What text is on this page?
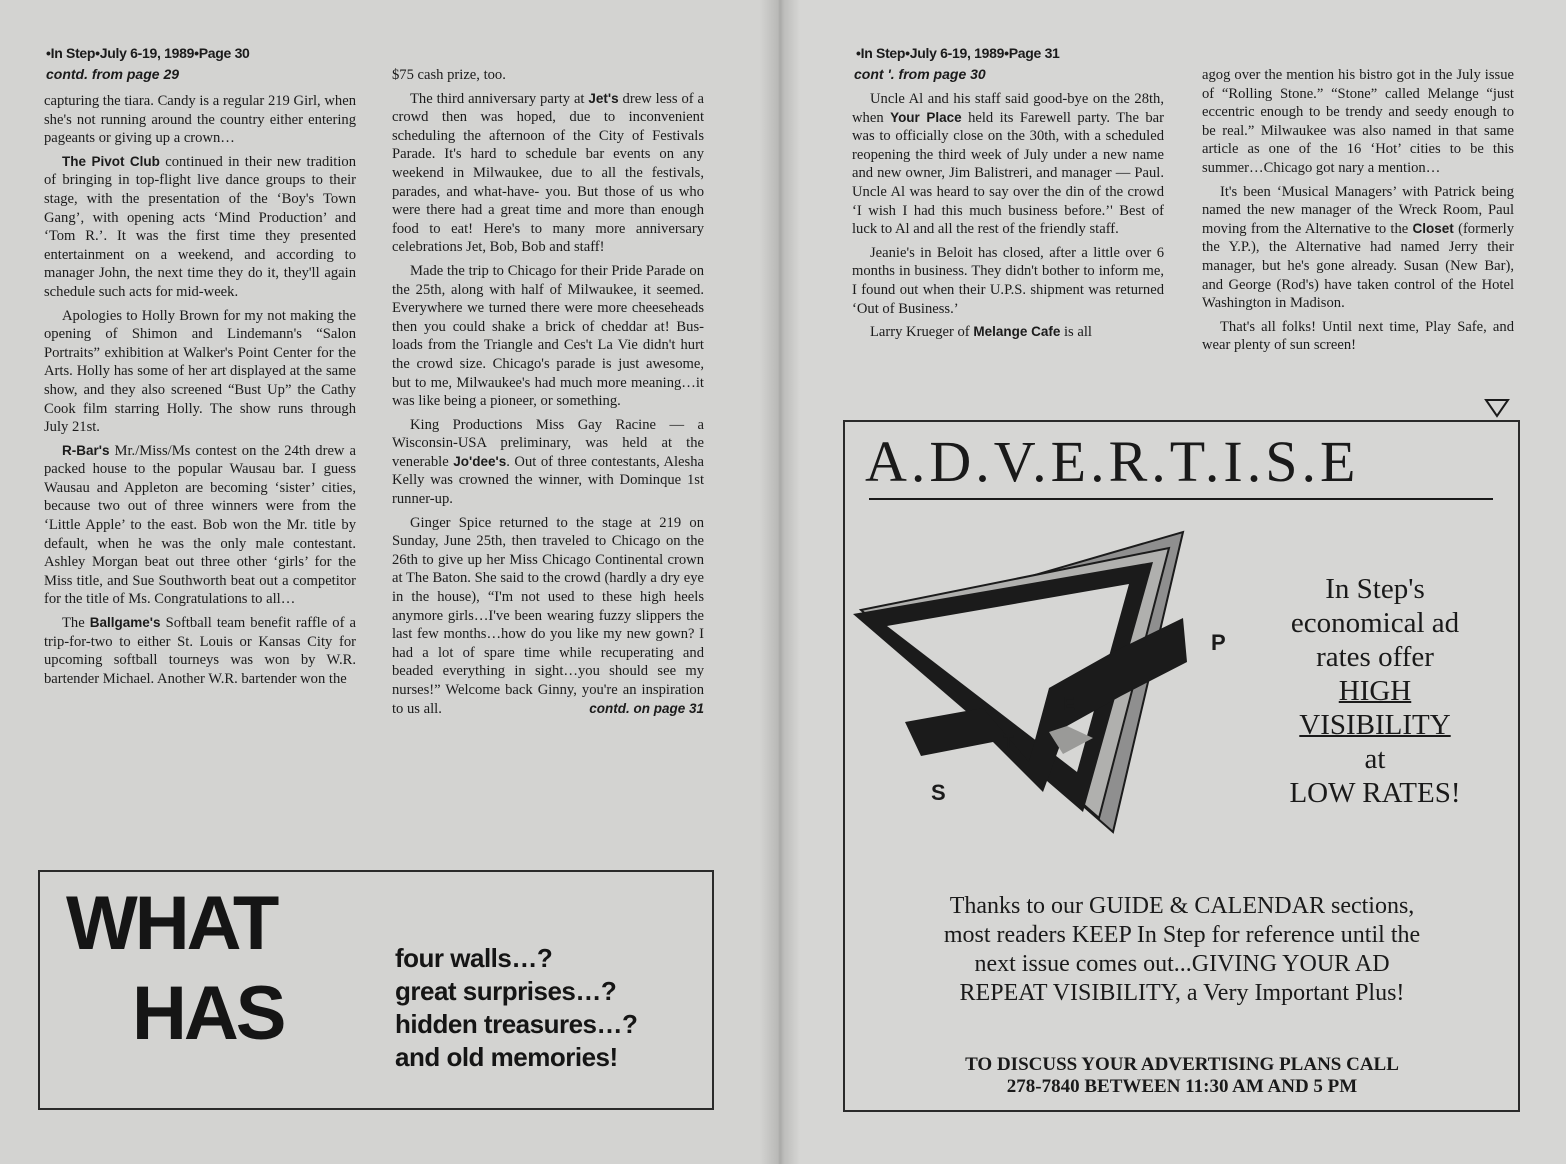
•In Step•July 6-19, 1989•Page 30
contd. from page 29

capturing the tiara. Candy is a regular 219 Girl, when she's not running around the country either entering pageants or giving up a crown…

The Pivot Club continued in their new tradition of bringing in top-flight live dance groups to their stage, with the presentation of the ‘Boy's Town Gang’, with opening acts ‘Mind Production’ and ‘Tom R.’. It was the first time they presented entertainment on a weekend, and according to manager John, the next time they do it, they'll again schedule such acts for mid-week.

Apologies to Holly Brown for my not making the opening of Shimon and Lindemann's “Salon Portraits” exhibition at Walker's Point Center for the Arts. Holly has some of her art displayed at the same show, and they also screened “Bust Up” the Cathy Cook film starring Holly. The show runs through July 21st.

R-Bar's Mr./Miss/Ms contest on the 24th drew a packed house to the popular Wausau bar. I guess Wausau and Appleton are becoming ‘sister’ cities, because two out of three winners were from the ‘Little Apple’ to the east. Bob won the Mr. title by default, when he was the only male contestant. Ashley Morgan beat out three other ‘girls’ for the Miss title, and Sue Southworth beat out a competitor for the title of Ms. Congratulations to all…

The Ballgame's Softball team benefit raffle of a trip-for-two to either St. Louis or Kansas City for upcoming softball tourneys was won by W.R. bartender Michael. Another W.R. bartender won the

$75 cash prize, too.

The third anniversary party at Jet's drew less of a crowd then was hoped, due to inconvenient scheduling the afternoon of the City of Festivals Parade. It's hard to schedule bar events on any weekend in Milwaukee, due to all the festivals, parades, and what-have- you. But those of us who were there had a great time and more than enough food to eat! Here's to many more anniversary celebrations Jet, Bob, Bob and staff!

Made the trip to Chicago for their Pride Parade on the 25th, along with half of Milwaukee, it seemed. Everywhere we turned there were more cheeseheads then you could shake a brick of cheddar at! Bus- loads from the Triangle and Ces't La Vie didn't hurt the crowd size. Chicago's parade is just awesome, but to me, Milwaukee's had much more meaning…it was like being a pioneer, or something.

King Productions Miss Gay Racine — a Wisconsin-USA preliminary, was held at the venerable Jo'dee's. Out of three contestants, Alesha Kelly was crowned the winner, with Dominque 1st runner-up.

Ginger Spice returned to the stage at 219 on Sunday, June 25th, then traveled to Chicago on the 26th to give up her Miss Chicago Continental crown at The Baton. She said to the crowd (hardly a dry eye in the house), “I'm not used to these high heels anymore girls…I've been wearing fuzzy slippers the last few months…how do you like my new gown? I had a lot of spare time while recuperating and beaded everything in sight…you should see my nurses!” Welcome back Ginny, you're an inspiration to us all.	contd. on page 31

WHAT
HAS
four walls…?
great surprises…?
hidden treasures…?
and old memories!
•In Step•July 6-19, 1989•Page 31
cont '. from page 30

Uncle Al and his staff said good-bye on the 28th, when Your Place held its Farewell party. The bar was to officially close on the 30th, with a scheduled reopening the third week of July under a new name and new owner, Jim Balistreri, and manager — Paul. Uncle Al was heard to say over the din of the crowd ‘I wish I had this much business before.’' Best of luck to Al and all the rest of the friendly staff.

Jeanie's in Beloit has closed, after a little over 6 months in business. They didn't bother to inform me, I found out when their U.P.S. shipment was returned ‘Out of Business.’

Larry Krueger of Melange Cafe is all

agog over the mention his bistro got in the July issue of “Rolling Stone.” “Stone” called Melange “just eccentric enough to be trendy and seedy enough to be real.” Milwaukee was also named in that same article as one of the 16 ‘Hot’ cities to be this summer…Chicago got nary a mention…

It's been ‘Musical Managers’ with Patrick being named the new manager of the Wreck Room, Paul moving from the Alternative to the Closet (formerly the Y.P.), the Alternative had named Jerry their manager, but he's gone already. Susan (New Bar), and George (Rod's) have taken control of the Hotel Washington in Madison.

That's all folks! Until next time, Play Safe, and wear plenty of sun screen!

A.D.V.E.R.T.I.S.E
S
T
E
P
In Step's
economical ad
rates offer
HIGH
VISIBILITY
at
LOW RATES!
Thanks to our GUIDE & CALENDAR sections,
most readers KEEP In Step for reference until the
next issue comes out...GIVING YOUR AD
REPEAT VISIBILITY, a Very Important Plus!
TO DISCUSS YOUR ADVERTISING PLANS CALL
278-7840 BETWEEN 11:30 AM AND 5 PM
